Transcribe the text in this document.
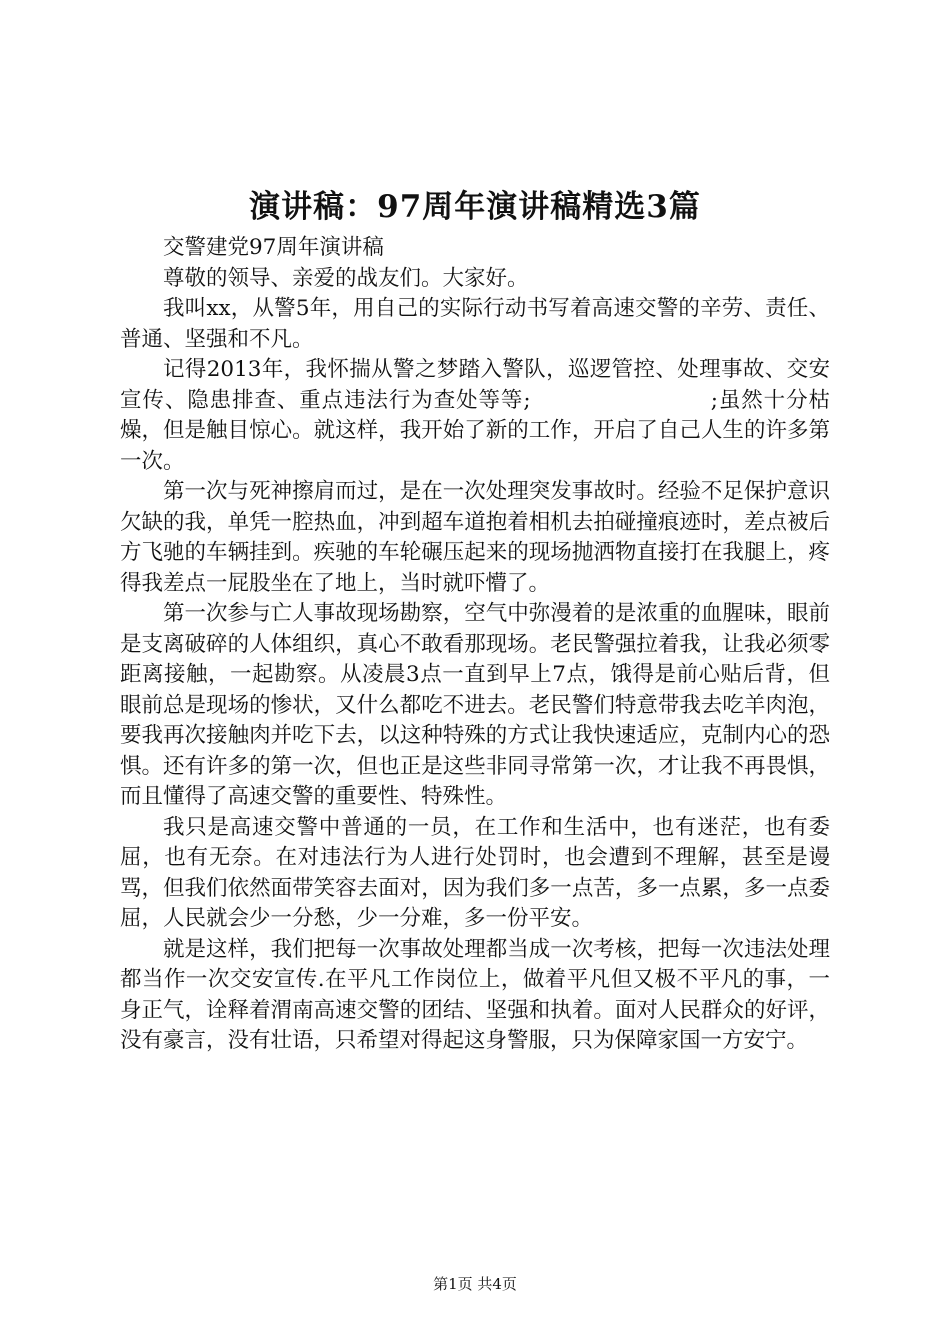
演讲稿：97周年演讲稿精选3篇

交警建党97周年演讲稿

尊敬的领导、亲爱的战友们。大家好。

我叫xx，从警5年，用自己的实际行动书写着高速交警的辛劳、责任、普通、坚强和不凡。

记得2013年，我怀揣从警之梦踏入警队，巡逻管控、处理事故、交安宣传、隐患排查、重点违法行为查处等等;　　　　　　　　;虽然十分枯燥，但是触目惊心。就这样，我开始了新的工作，开启了自己人生的许多第一次。

第一次与死神擦肩而过，是在一次处理突发事故时。经验不足保护意识欠缺的我，单凭一腔热血，冲到超车道抱着相机去拍碰撞痕迹时，差点被后方飞驰的车辆挂到。疾驰的车轮碾压起来的现场抛洒物直接打在我腿上，疼得我差点一屁股坐在了地上，当时就吓懵了。

第一次参与亡人事故现场勘察，空气中弥漫着的是浓重的血腥味，眼前是支离破碎的人体组织，真心不敢看那现场。老民警强拉着我，让我必须零距离接触，一起勘察。从凌晨3点一直到早上7点，饿得是前心贴后背，但眼前总是现场的惨状，又什么都吃不进去。老民警们特意带我去吃羊肉泡，要我再次接触肉并吃下去，以这种特殊的方式让我快速适应，克制内心的恐惧。还有许多的第一次，但也正是这些非同寻常第一次，才让我不再畏惧，而且懂得了高速交警的重要性、特殊性。

我只是高速交警中普通的一员，在工作和生活中，也有迷茫，也有委屈，也有无奈。在对违法行为人进行处罚时，也会遭到不理解，甚至是谩骂，但我们依然面带笑容去面对，因为我们多一点苦，多一点累，多一点委屈，人民就会少一分愁，少一分难，多一份平安。

就是这样，我们把每一次事故处理都当成一次考核，把每一次违法处理都当作一次交安宣传.在平凡工作岗位上，做着平凡但又极不平凡的事，一身正气，诠释着渭南高速交警的团结、坚强和执着。面对人民群众的好评，没有豪言，没有壮语，只希望对得起这身警服，只为保障家国一方安宁。

第1页 共4页
